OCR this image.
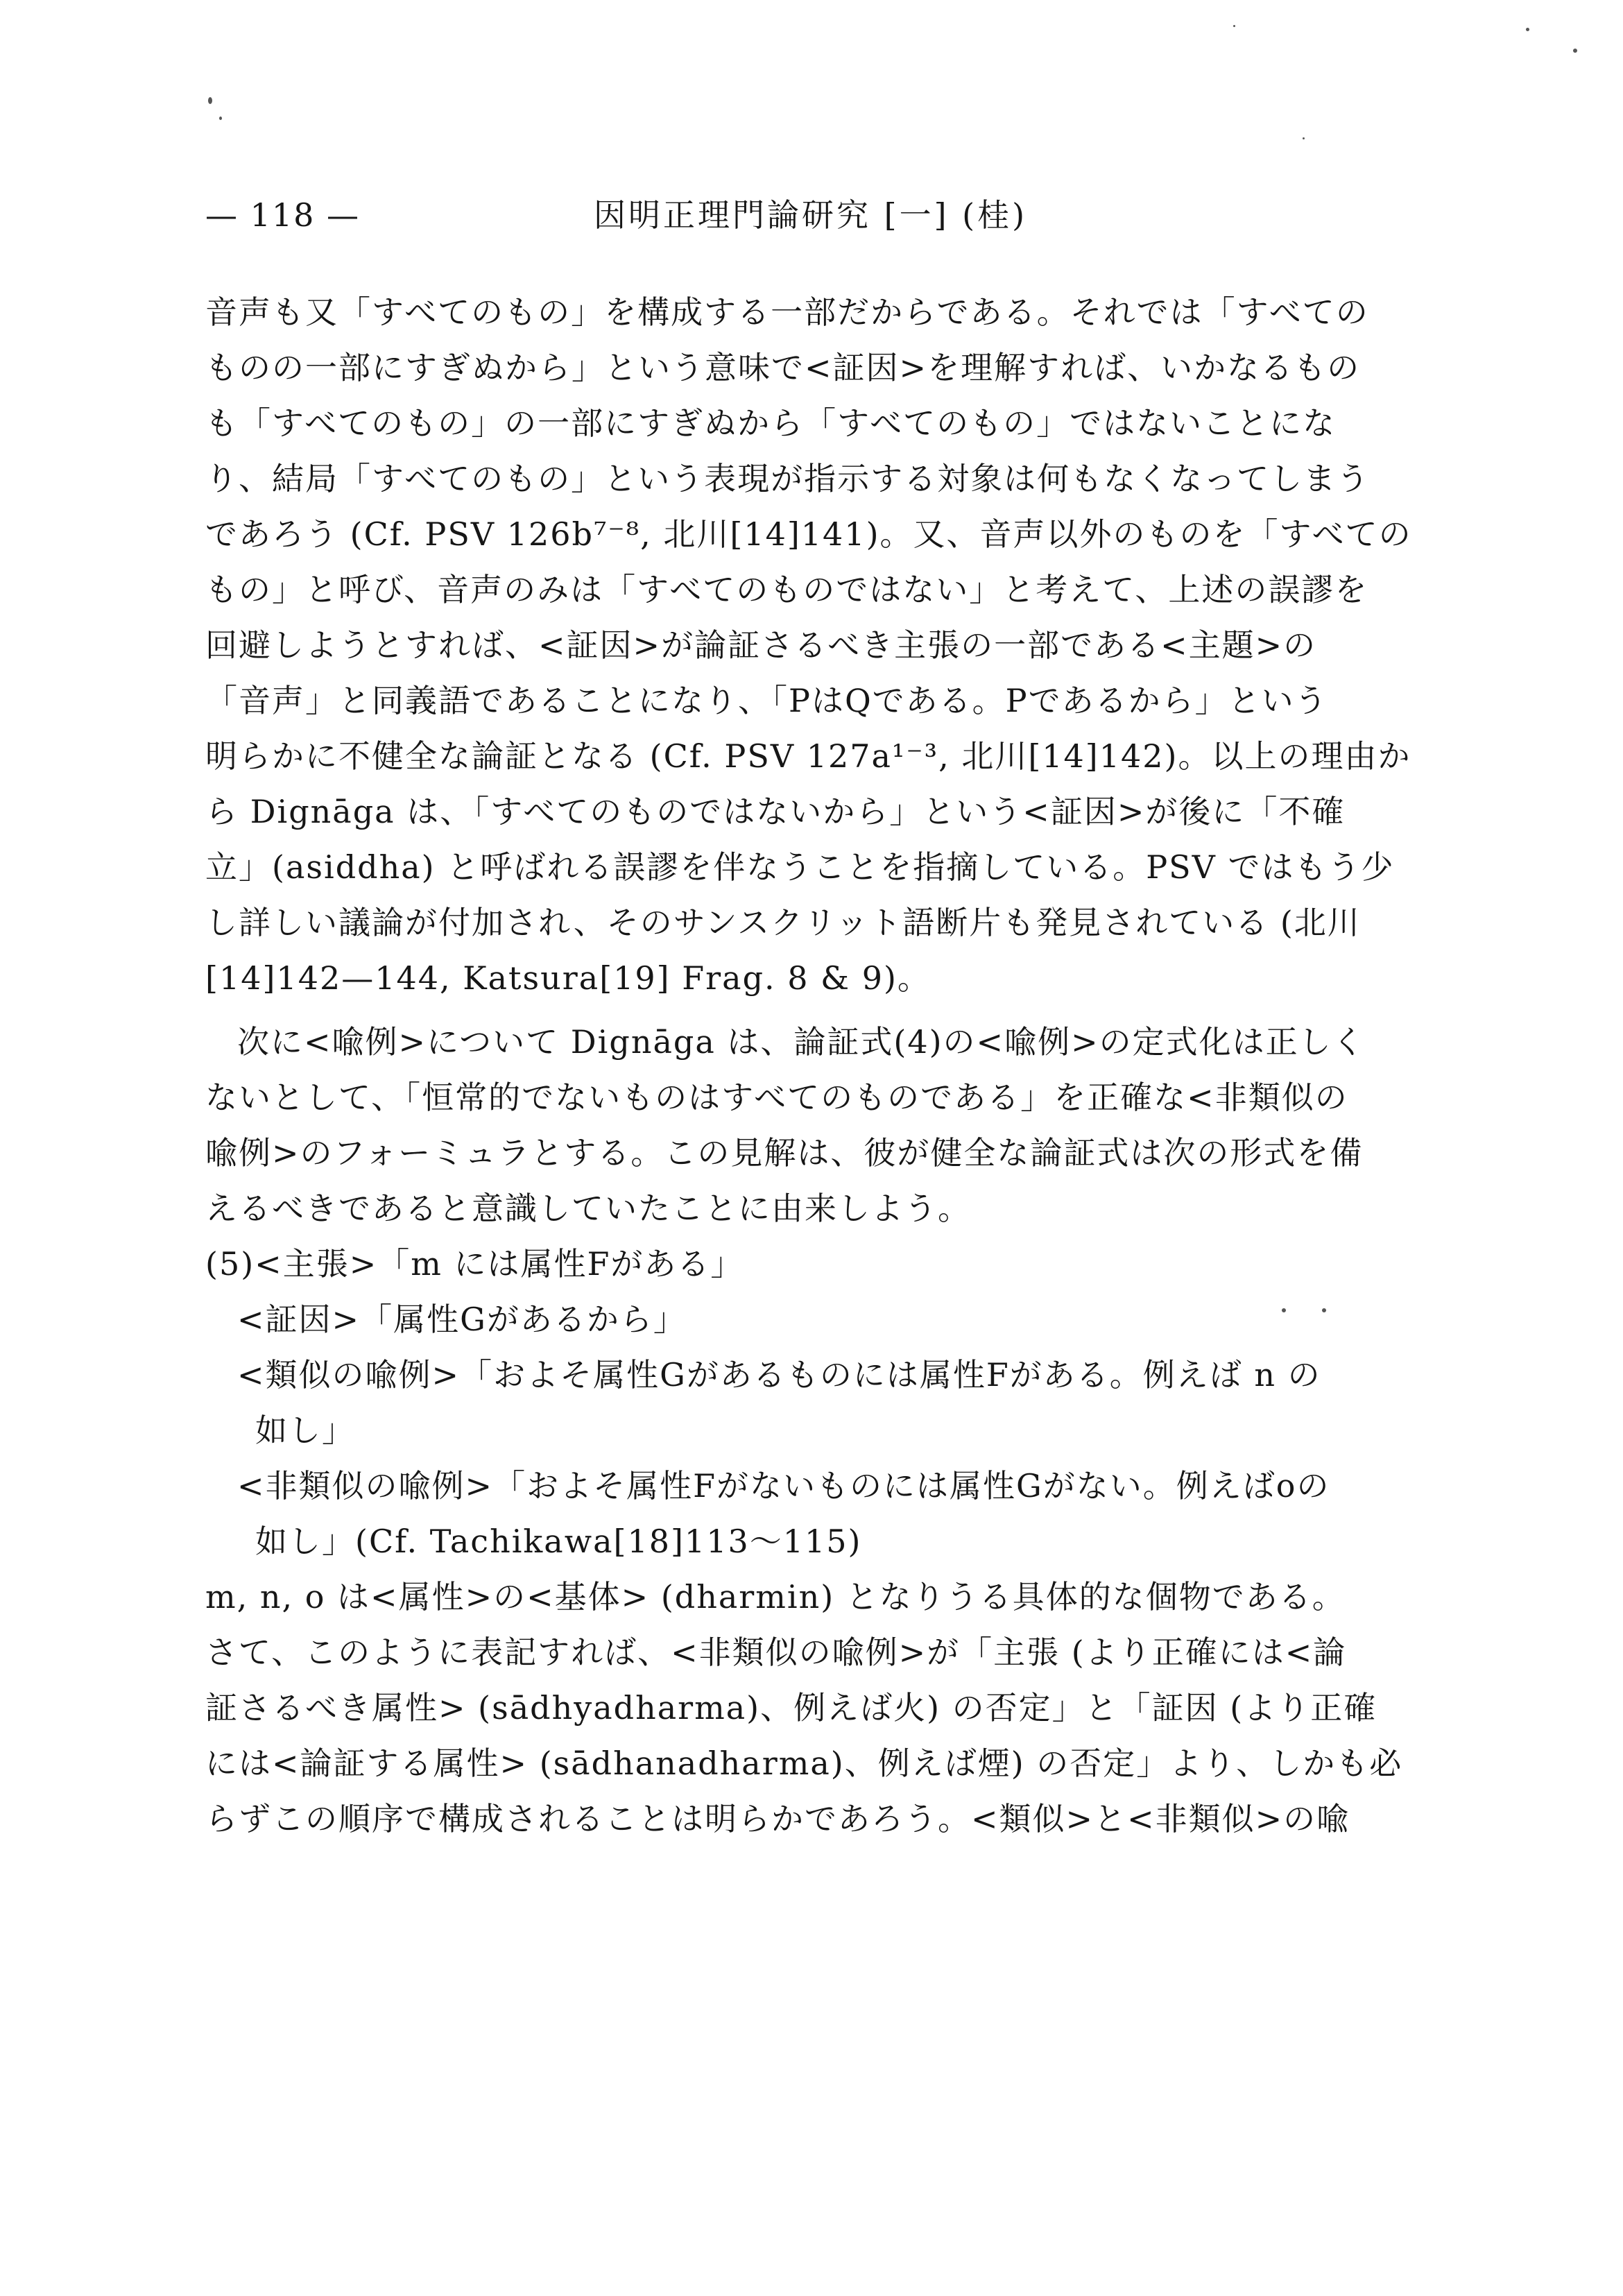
— 118 —	因明正理門論研究 [一] (桂)
音声も又「すべてのもの」を構成する一部だからである。それでは「すべての
ものの一部にすぎぬから」という意味で<証因>を理解すれば、いかなるもの
も「すべてのもの」の一部にすぎぬから「すべてのもの」ではないことにな
り、結局「すべてのもの」という表現が指示する対象は何もなくなってしまう
であろう (Cf. PSV 126b⁷⁻⁸, 北川[14]141)。又、音声以外のものを「すべての
もの」と呼び、音声のみは「すべてのものではない」と考えて、上述の誤謬を
回避しようとすれば、<証因>が論証さるべき主張の一部である<主題>の
「音声」と同義語であることになり、「PはQである。Pであるから」という
明らかに不健全な論証となる (Cf. PSV 127a¹⁻³, 北川[14]142)。以上の理由か
ら Dignāga は、「すべてのものではないから」という<証因>が後に「不確
立」(asiddha) と呼ばれる誤謬を伴なうことを指摘している。PSV ではもう少
し詳しい議論が付加され、そのサンスクリット語断片も発見されている (北川
[14]142—144, Katsura[19] Frag. 8 & 9)。
次に<喩例>について Dignāga は、論証式(4)の<喩例>の定式化は正しく
ないとして、「恒常的でないものはすべてのものである」を正確な<非類似の
喩例>のフォーミュラとする。この見解は、彼が健全な論証式は次の形式を備
えるべきであると意識していたことに由来しよう。
(5)<主張>「m には属性Fがある」
<証因>「属性Gがあるから」
<類似の喩例>「およそ属性Gがあるものには属性Fがある。例えば n の
如し」
<非類似の喩例>「およそ属性Fがないものには属性Gがない。例えばoの
如し」(Cf. Tachikawa[18]113～115)
m, n, o は<属性>の<基体> (dharmin) となりうる具体的な個物である。
さて、このように表記すれば、<非類似の喩例>が「主張 (より正確には<論
証さるべき属性> (sādhyadharma)、例えば火) の否定」と「証因 (より正確
には<論証する属性> (sādhanadharma)、例えば煙) の否定」より、しかも必
らずこの順序で構成されることは明らかであろう。<類似>と<非類似>の喩
